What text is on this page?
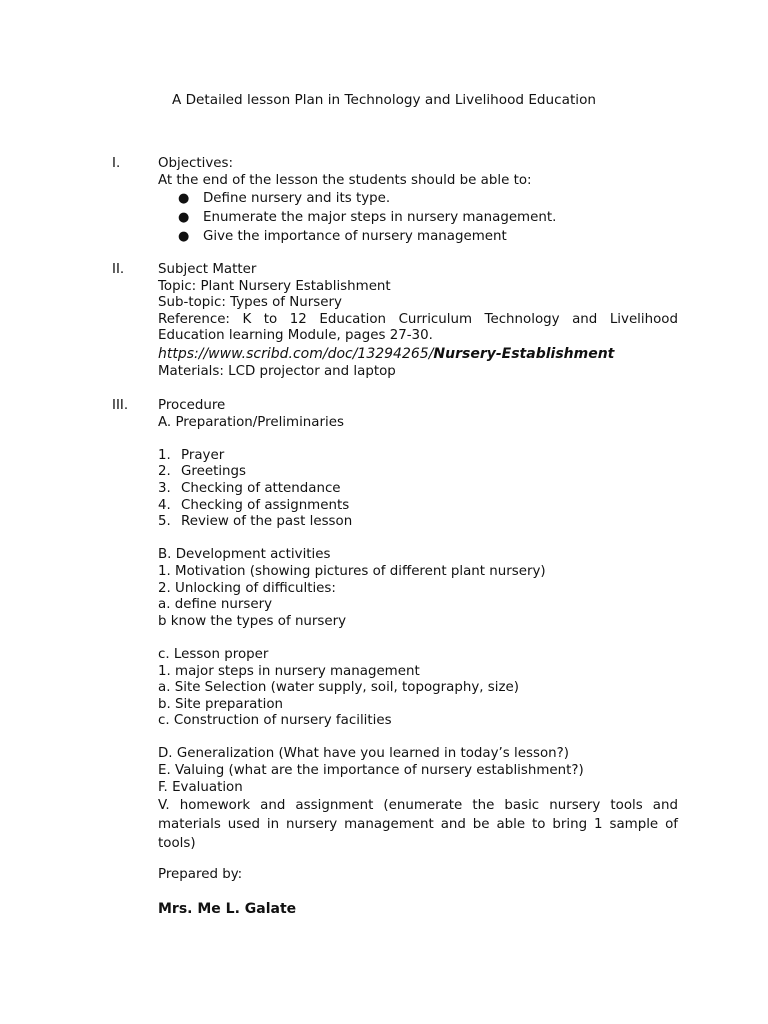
A Detailed lesson Plan in Technology and Livelihood Education
I.	Objectives:
At the end of the lesson the students should be able to:
● Define nursery and its type.
● Enumerate the major steps in nursery management.
● Give the importance of nursery management
II.	Subject Matter
Topic: Plant Nursery Establishment
Sub-topic: Types of Nursery
Reference: K to 12 Education Curriculum Technology and Livelihood
Education learning Module, pages 27-30.
https://www.scribd.com/doc/13294265/Nursery-Establishment
Materials: LCD projector and laptop
III. Procedure
A. Preparation/Preliminaries
1. Prayer
2. Greetings
3. Checking of attendance
4. Checking of assignments
5. Review of the past lesson
B. Development activities
1. Motivation (showing pictures of different plant nursery)
2. Unlocking of difficulties:
a. define nursery
b know the types of nursery
c. Lesson proper
1. major steps in nursery management
a. Site Selection (water supply, soil, topography, size)
b. Site preparation
c. Construction of nursery facilities
D. Generalization (What have you learned in today’s lesson?)
E. Valuing (what are the importance of nursery establishment?)
F. Evaluation
V. homework and assignment (enumerate the basic nursery tools and
materials used in nursery management and be able to bring 1 sample of
tools)
Prepared by:
Mrs. Me L. Galate
